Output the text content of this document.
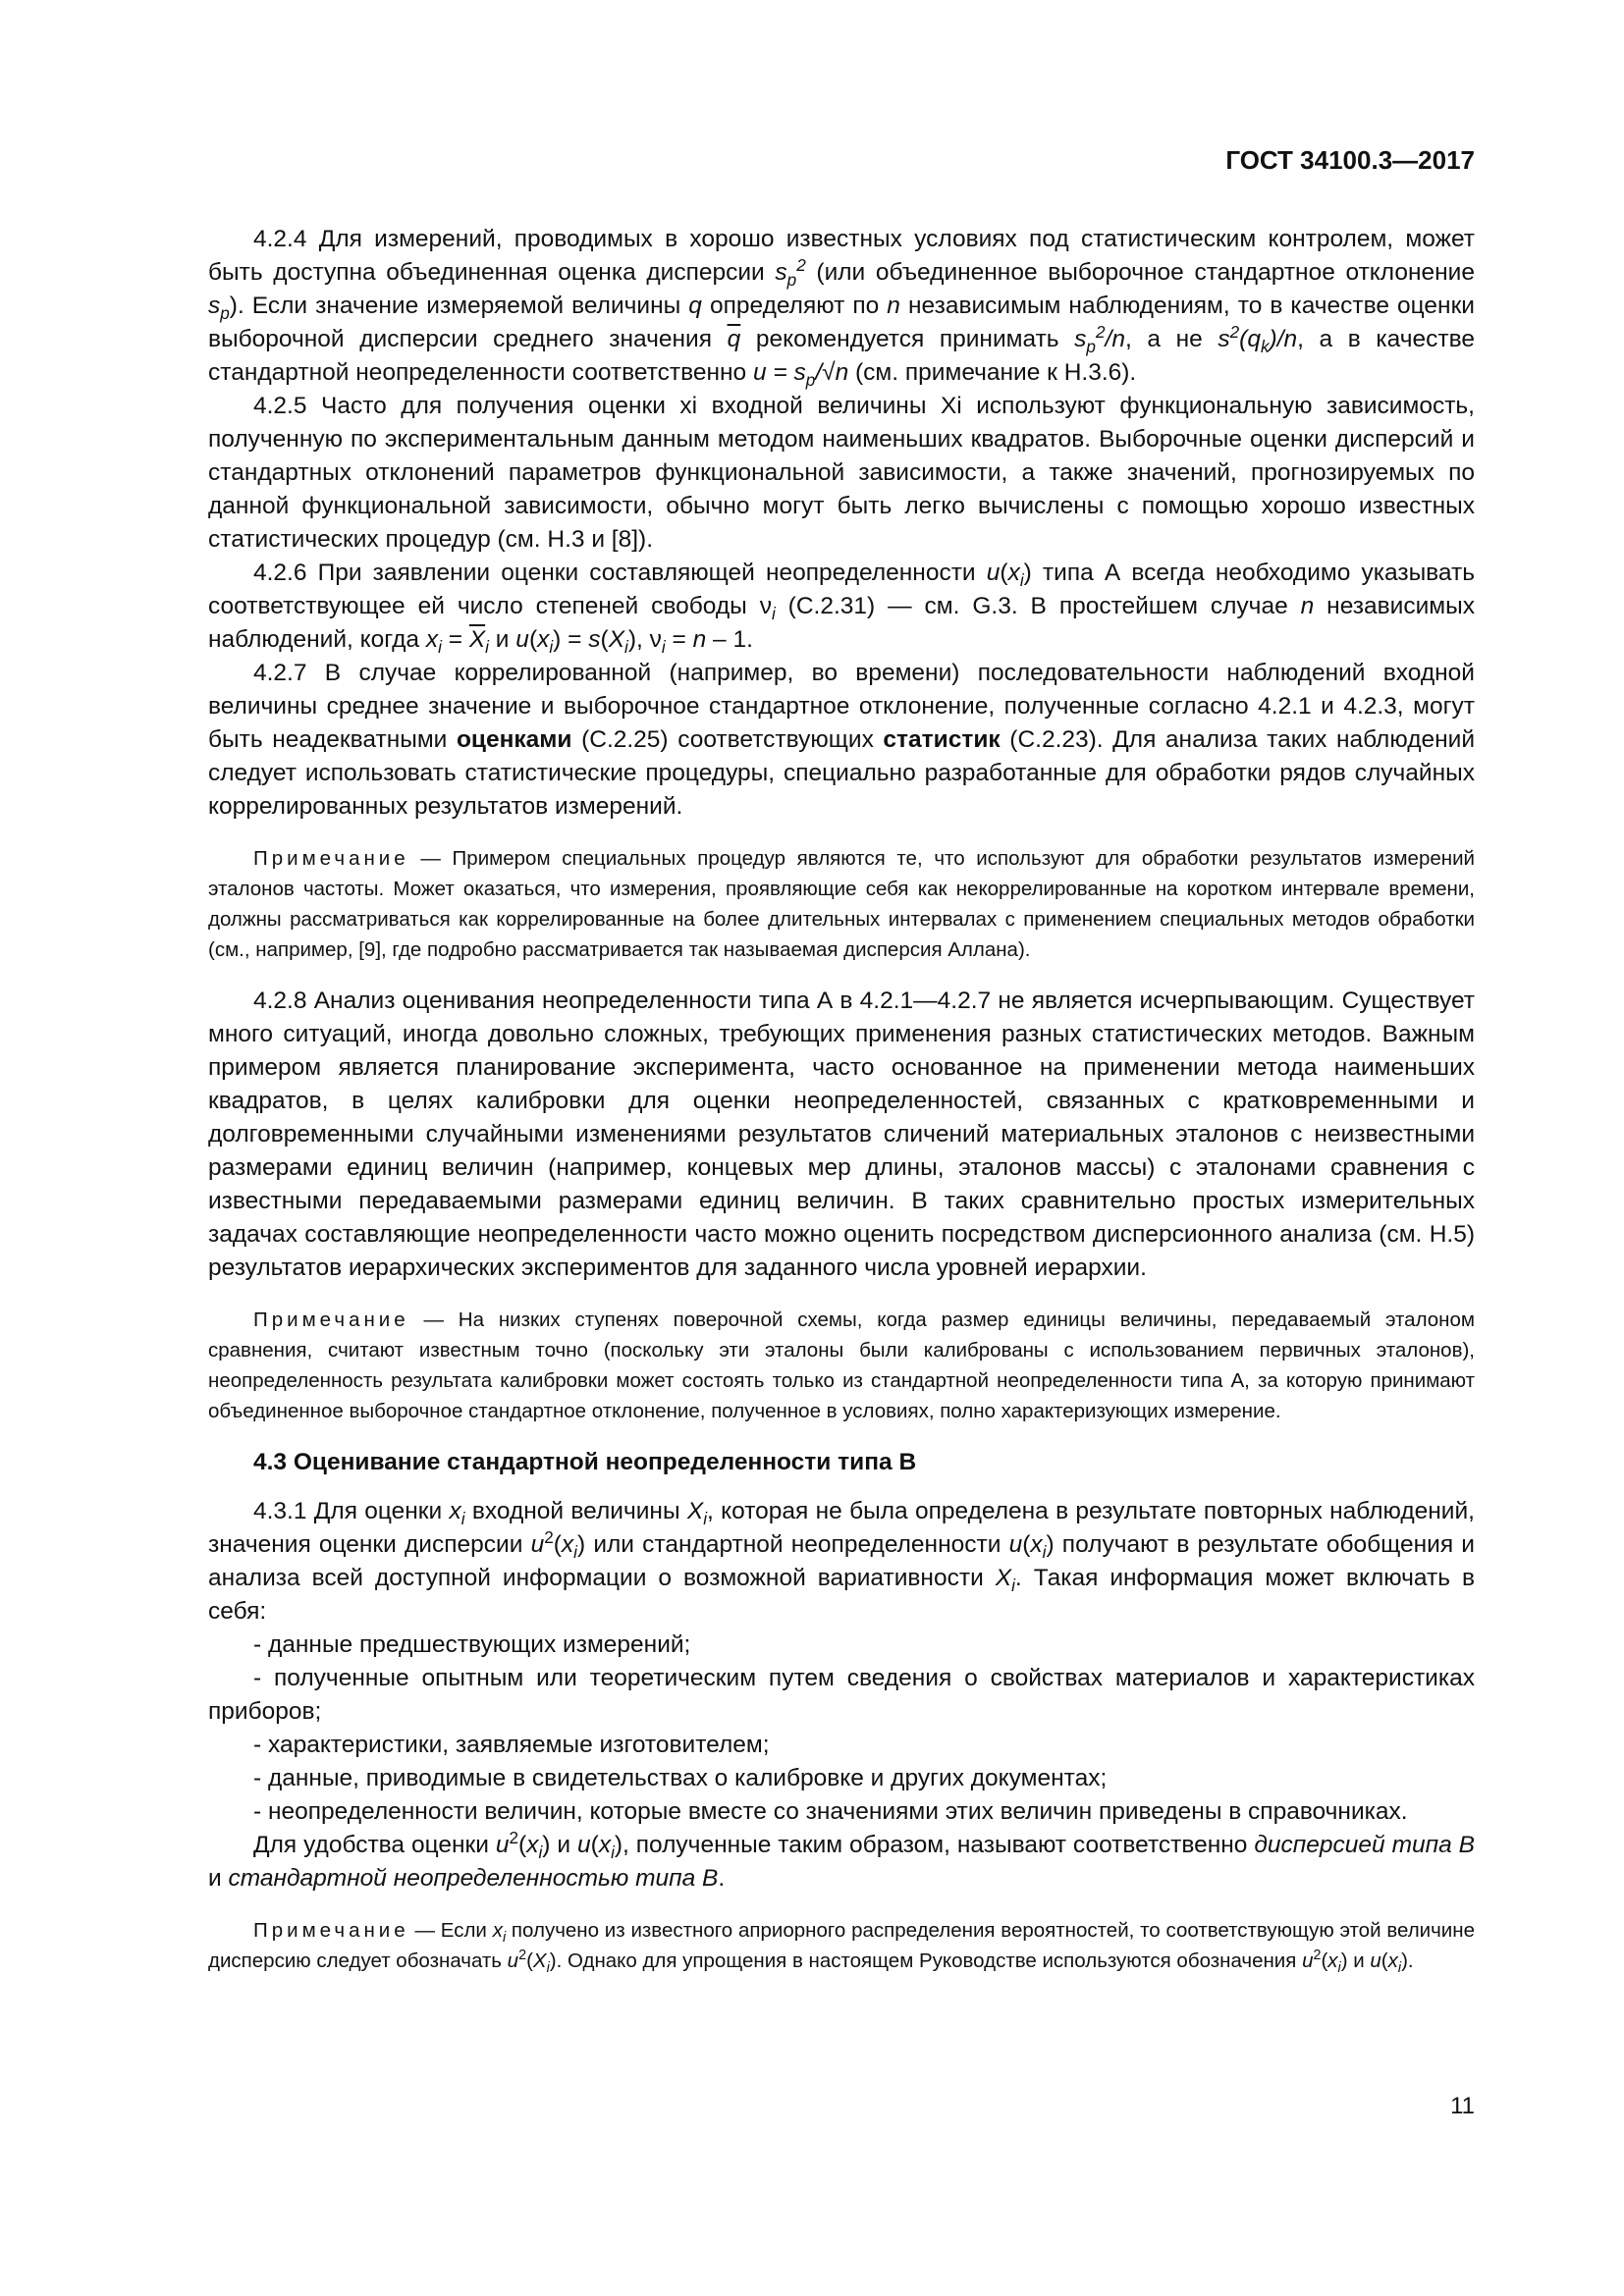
ГОСТ 34100.3—2017

4.2.4 Для измерений, проводимых в хорошо известных условиях под статистическим контролем, может быть доступна объединенная оценка дисперсии $s_p^2$ (или объединенное выборочное стандартное отклонение $s_p$). Если значение измеряемой величины q определяют по n независимым наблюдениям, то в качестве оценки выборочной дисперсии среднего значения $\overline{q}$ рекомендуется принимать $s_p^2/n$, а не $s^2(q_k)/n$, а в качестве стандартной неопределенности соответственно $u = s_p/√n$ (см. примечание к Н.3.6).

4.2.5 Часто для получения оценки xi входной величины Xi используют функциональную зависимость, полученную по экспериментальным данным методом наименьших квадратов. Выборочные оценки дисперсий и стандартных отклонений параметров функциональной зависимости, а также значений, прогнозируемых по данной функциональной зависимости, обычно могут быть легко вычислены с помощью хорошо известных статистических процедур (см. Н.3 и [8]).

4.2.6 При заявлении оценки составляющей неопределенности $u(x_i)$ типа А всегда необходимо указывать соответствующее ей число степеней свободы $\nu_i$ (С.2.31) — см. G.3. В простейшем случае n независимых наблюдений, когда $x_i = \overline{X}_i$ и $u(x_i) = s(X_i)$, $\nu_i = n - 1$.

4.2.7 В случае коррелированной (например, во времени) последовательности наблюдений входной величины среднее значение и выборочное стандартное отклонение, полученные согласно 4.2.1 и 4.2.3, могут быть неадекватными оценками (С.2.25) соответствующих статистик (С.2.23). Для анализа таких наблюдений следует использовать статистические процедуры, специально разработанные для обработки рядов случайных коррелированных результатов измерений.

Примечание — Примером специальных процедур являются те, что используют для обработки результатов измерений эталонов частоты. Может оказаться, что измерения, проявляющие себя как некоррелированные на коротком интервале времени, должны рассматриваться как коррелированные на более длительных интервалах с применением специальных методов обработки (см., например, [9], где подробно рассматривается так называемая дисперсия Аллана).

4.2.8 Анализ оценивания неопределенности типа А в 4.2.1—4.2.7 не является исчерпывающим. Существует много ситуаций, иногда довольно сложных, требующих применения разных статистических методов. Важным примером является планирование эксперимента, часто основанное на применении метода наименьших квадратов, в целях калибровки для оценки неопределенностей, связанных с кратковременными и долговременными случайными изменениями результатов сличений материальных эталонов с неизвестными размерами единиц величин (например, концевых мер длины, эталонов массы) с эталонами сравнения с известными передаваемыми размерами единиц величин. В таких сравнительно простых измерительных задачах составляющие неопределенности часто можно оценить посредством дисперсионного анализа (см. Н.5) результатов иерархических экспериментов для заданного числа уровней иерархии.

Примечание — На низких ступенях поверочной схемы, когда размер единицы величины, передаваемый эталоном сравнения, считают известным точно (поскольку эти эталоны были калиброваны с использованием первичных эталонов), неопределенность результата калибровки может состоять только из стандартной неопределенности типа А, за которую принимают объединенное выборочное стандартное отклонение, полученное в условиях, полно характеризующих измерение.

4.3 Оценивание стандартной неопределенности типа В

4.3.1 Для оценки $x_i$ входной величины $X_i$, которая не была определена в результате повторных наблюдений, значения оценки дисперсии $u^2(x_i)$ или стандартной неопределенности $u(x_i)$ получают в результате обобщения и анализа всей доступной информации о возможной вариативности $X_i$. Такая информация может включать в себя:

- данные предшествующих измерений;

- полученные опытным или теоретическим путем сведения о свойствах материалов и характеристиках приборов;

- характеристики, заявляемые изготовителем;

- данные, приводимые в свидетельствах о калибровке и других документах;

- неопределенности величин, которые вместе со значениями этих величин приведены в справочниках.

Для удобства оценки $u^2(x_i)$ и $u(x_i)$, полученные таким образом, называют соответственно дисперсией типа В и стандартной неопределенностью типа В.

Примечание — Если $x_i$ получено из известного априорного распределения вероятностей, то соответствующую этой величине дисперсию следует обозначать $u^2(X_i)$. Однако для упрощения в настоящем Руководстве используются обозначения $u^2(x_i)$ и $u(x_i)$.

11
